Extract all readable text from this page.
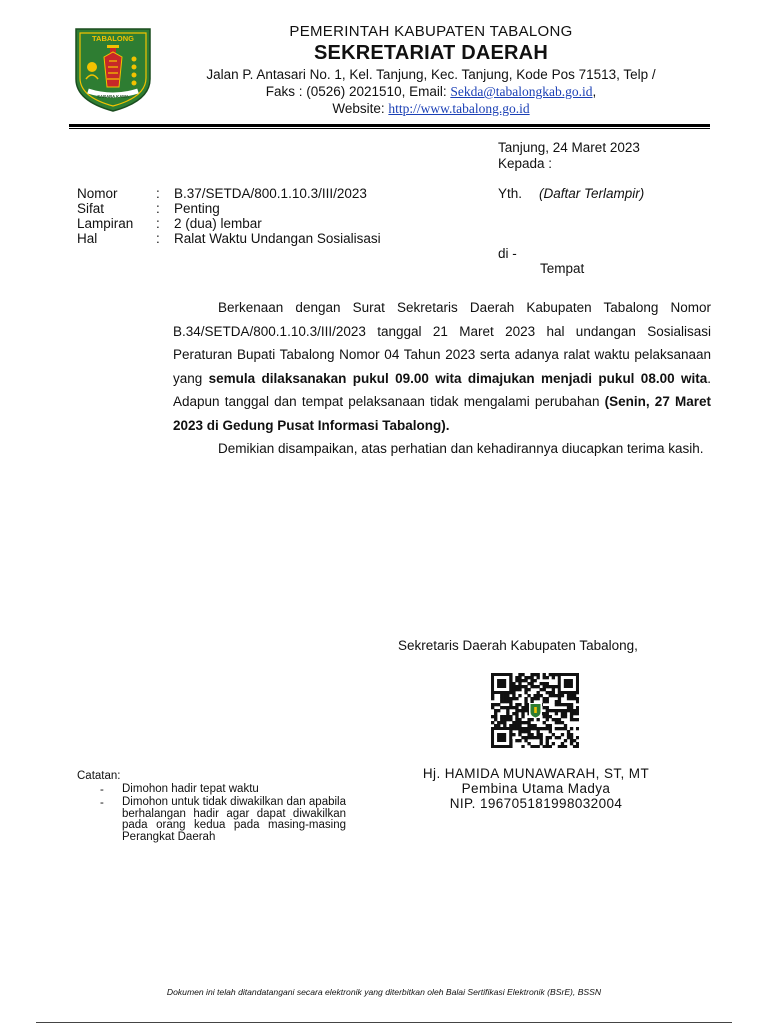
TABALONG
SARABA KAWA
PEMERINTAH KABUPATEN TABALONG
SEKRETARIAT DAERAH
Jalan P. Antasari No. 1, Kel. Tanjung, Kec. Tanjung, Kode Pos 71513, Telp /
Faks : (0526) 2021510, Email: Sekda@tabalongkab.go.id,
Website: http://www.tabalong.go.id
Tanjung, 24 Maret 2023
Kepada :
Yth. (Daftar Terlampir)
di -
Tempat
Nomor	: B.37/SETDA/800.1.10.3/III/2023
Sifat	: Penting
Lampiran : 2 (dua) lembar
Hal	: Ralat Waktu Undangan Sosialisasi

Berkenaan dengan Surat Sekretaris Daerah Kabupaten Tabalong Nomor B.34/SETDA/800.1.10.3/III/2023 tanggal 21 Maret 2023 hal undangan Sosialisasi Peraturan Bupati Tabalong Nomor 04 Tahun 2023 serta adanya ralat waktu pelaksanaan yang semula dilaksanakan pukul 09.00 wita dimajukan menjadi pukul 08.00 wita. Adapun tanggal dan tempat pelaksanaan tidak mengalami perubahan (Senin, 27 Maret 2023 di Gedung Pusat Informasi Tabalong).

Demikian disampaikan, atas perhatian dan kehadirannya diucapkan terima kasih.

Sekretaris Daerah Kabupaten Tabalong,
Hj. HAMIDA MUNAWARAH, ST, MT
Pembina Utama Madya
NIP. 196705181998032004
Catatan:
- Dimohon hadir tepat waktu
- Dimohon untuk tidak diwakilkan dan apabila berhalangan hadir agar dapat diwakilkan pada orang kedua pada masing-masing Perangkat Daerah
Dokumen ini telah ditandatangani secara elektronik yang diterbitkan oleh Balai Sertifikasi Elektronik (BSrE), BSSN
